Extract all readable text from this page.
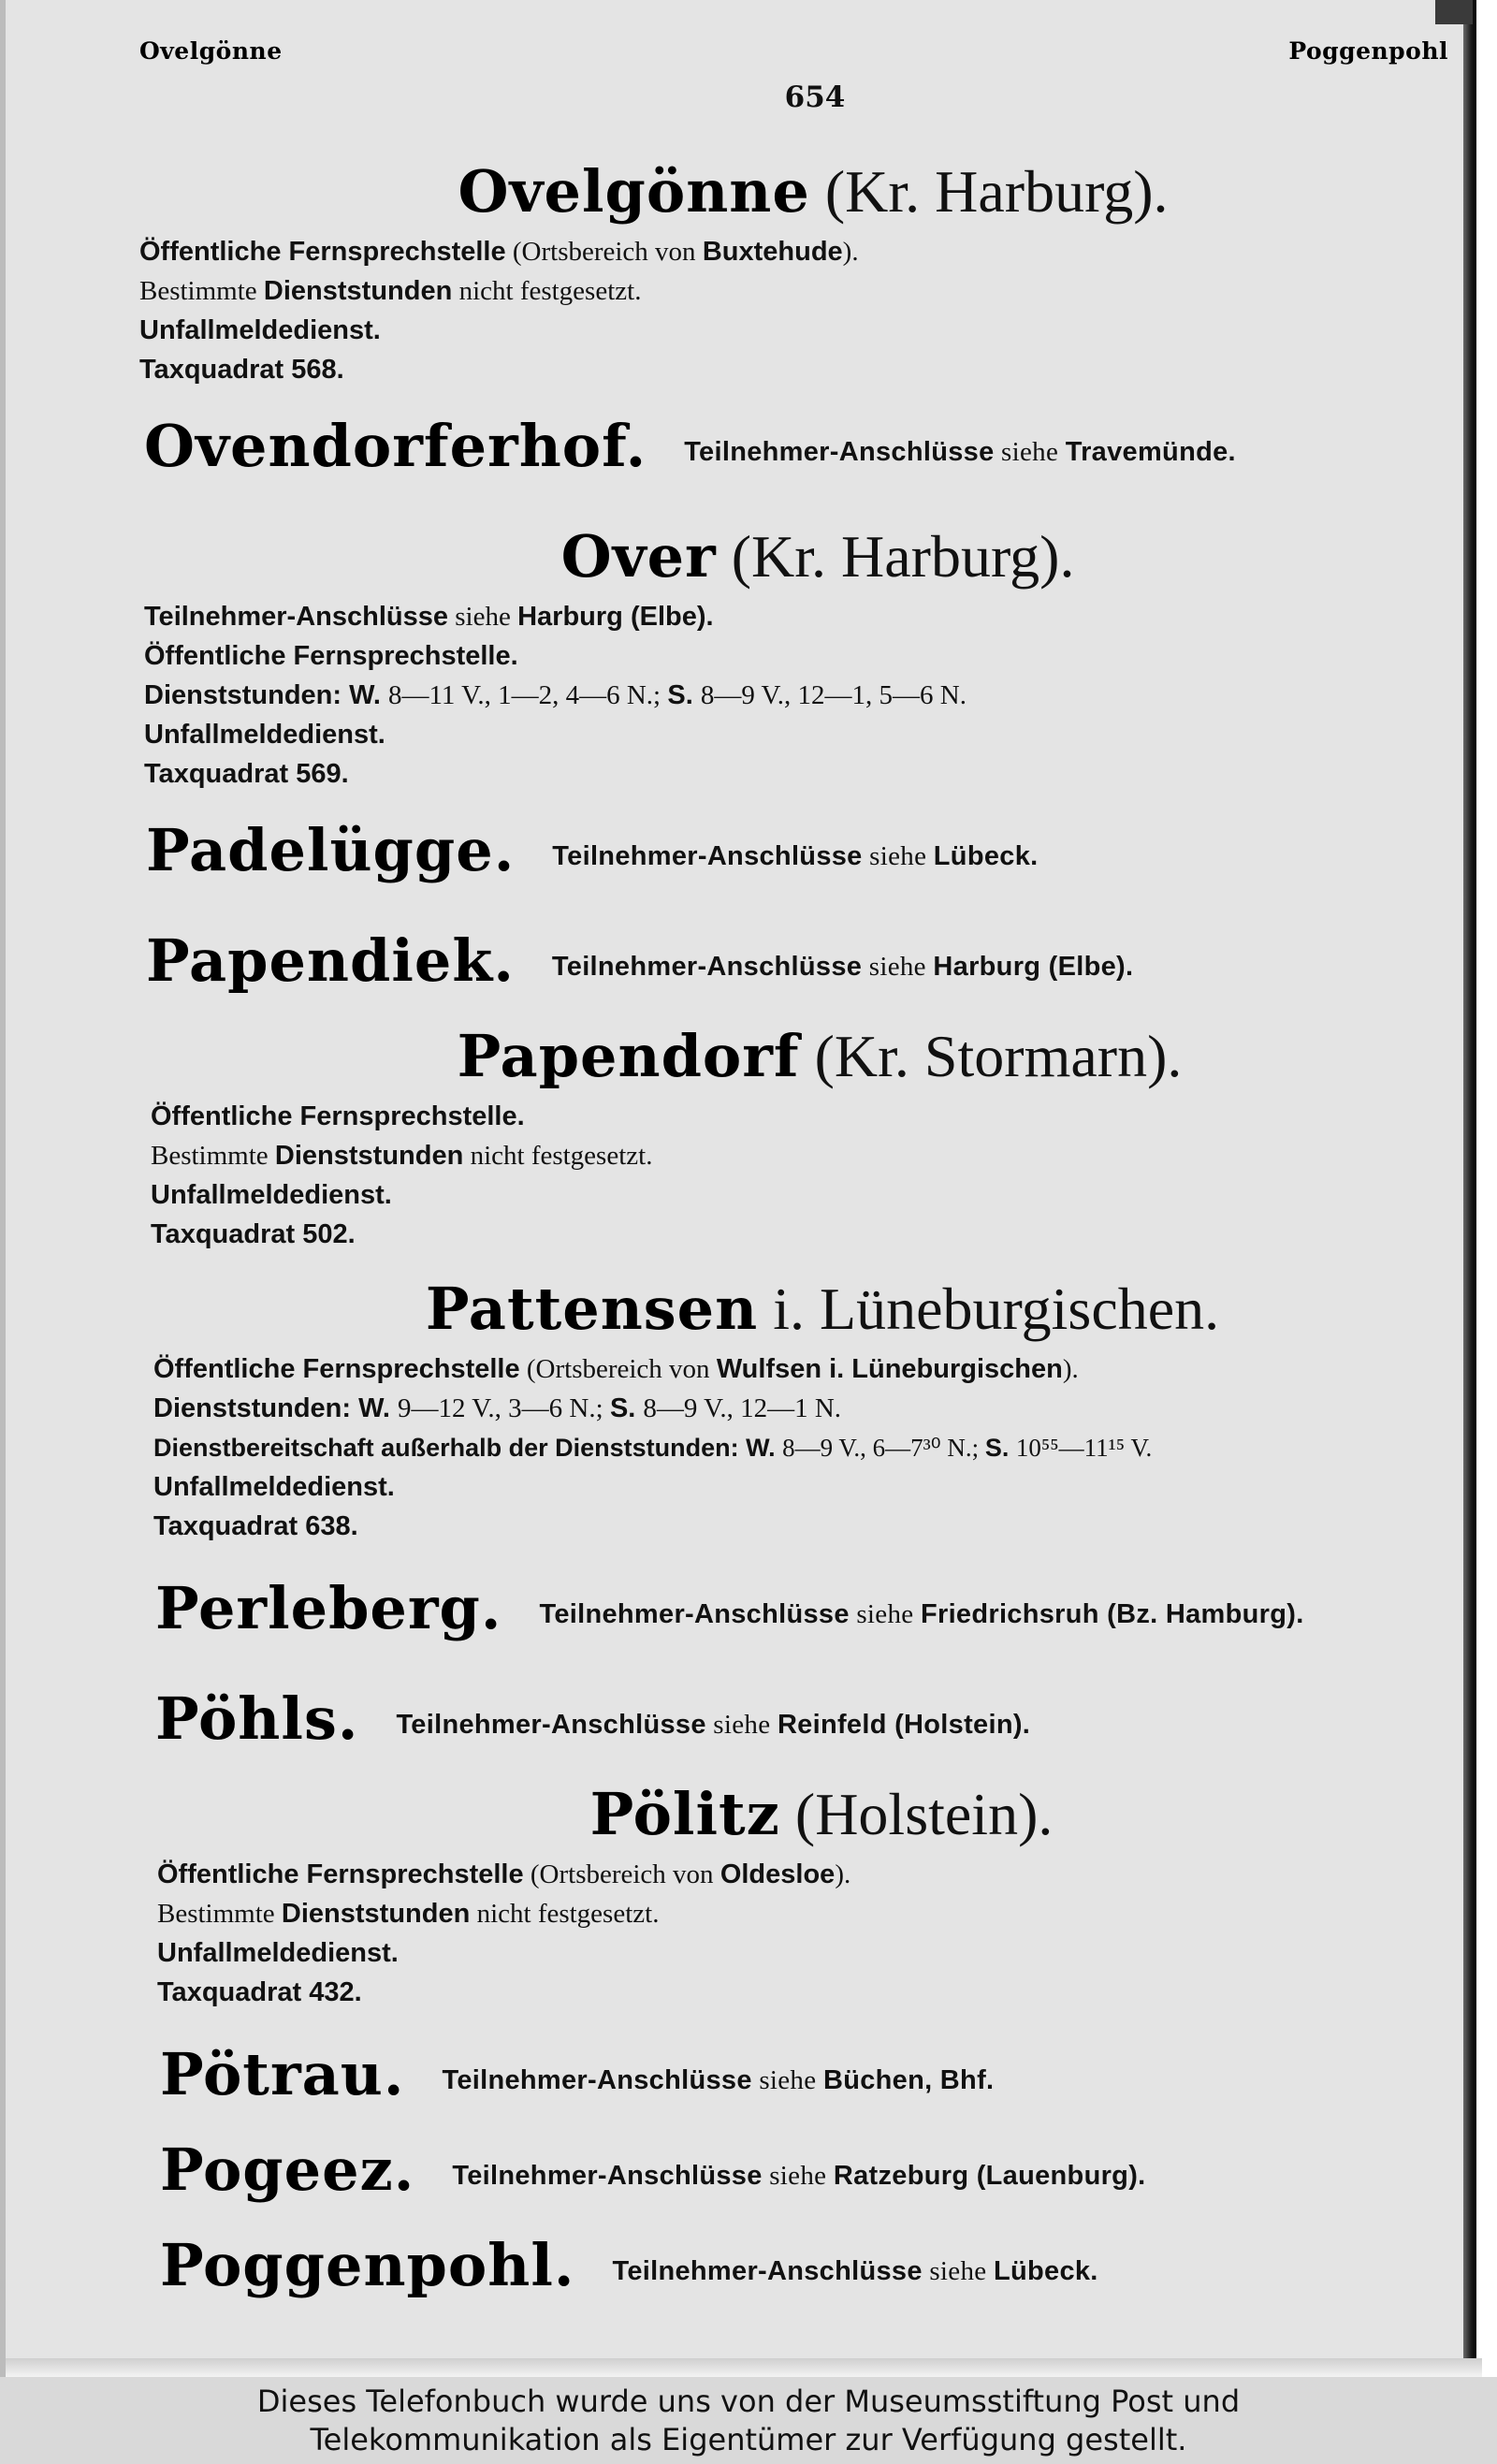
Ovelgönne	Poggenpohl
654
Ovelgönne (Kr. Harburg).
Öffentliche Fernsprechstelle (Ortsbereich von Buxtehude).
Bestimmte Dienststunden nicht festgesetzt.
Unfallmeldedienst.
Taxquadrat 568.
Ovendorferhof. Teilnehmer-Anschlüsse siehe Travemünde.
Over (Kr. Harburg).
Teilnehmer-Anschlüsse siehe Harburg (Elbe).
Öffentliche Fernsprechstelle.
Dienststunden: W. 8—11 V., 1—2, 4—6 N.; S. 8—9 V., 12—1, 5—6 N.
Unfallmeldedienst.
Taxquadrat 569.
Padelügge. Teilnehmer-Anschlüsse siehe Lübeck.
Papendiek. Teilnehmer-Anschlüsse siehe Harburg (Elbe).
Papendorf (Kr. Stormarn).
Öffentliche Fernsprechstelle.
Bestimmte Dienststunden nicht festgesetzt.
Unfallmeldedienst.
Taxquadrat 502.
Pattensen i. Lüneburgischen.
Öffentliche Fernsprechstelle (Ortsbereich von Wulfsen i. Lüneburgischen).
Dienststunden: W. 9—12 V., 3—6 N.; S. 8—9 V., 12—1 N.
Dienstbereitschaft außerhalb der Dienststunden: W. 8—9 V., 6—7³⁰ N.; S. 10⁵⁵—11¹⁵ V.
Unfallmeldedienst.
Taxquadrat 638.
Perleberg. Teilnehmer-Anschlüsse siehe Friedrichsruh (Bz. Hamburg).
Pöhls. Teilnehmer-Anschlüsse siehe Reinfeld (Holstein).
Pölitz (Holstein).
Öffentliche Fernsprechstelle (Ortsbereich von Oldesloe).
Bestimmte Dienststunden nicht festgesetzt.
Unfallmeldedienst.
Taxquadrat 432.
Pötrau. Teilnehmer-Anschlüsse siehe Büchen, Bhf.
Pogeez. Teilnehmer-Anschlüsse siehe Ratzeburg (Lauenburg).
Poggenpohl. Teilnehmer-Anschlüsse siehe Lübeck.
Dieses Telefonbuch wurde uns von der Museumsstiftung Post und
Telekommunikation als Eigentümer zur Verfügung gestellt.
